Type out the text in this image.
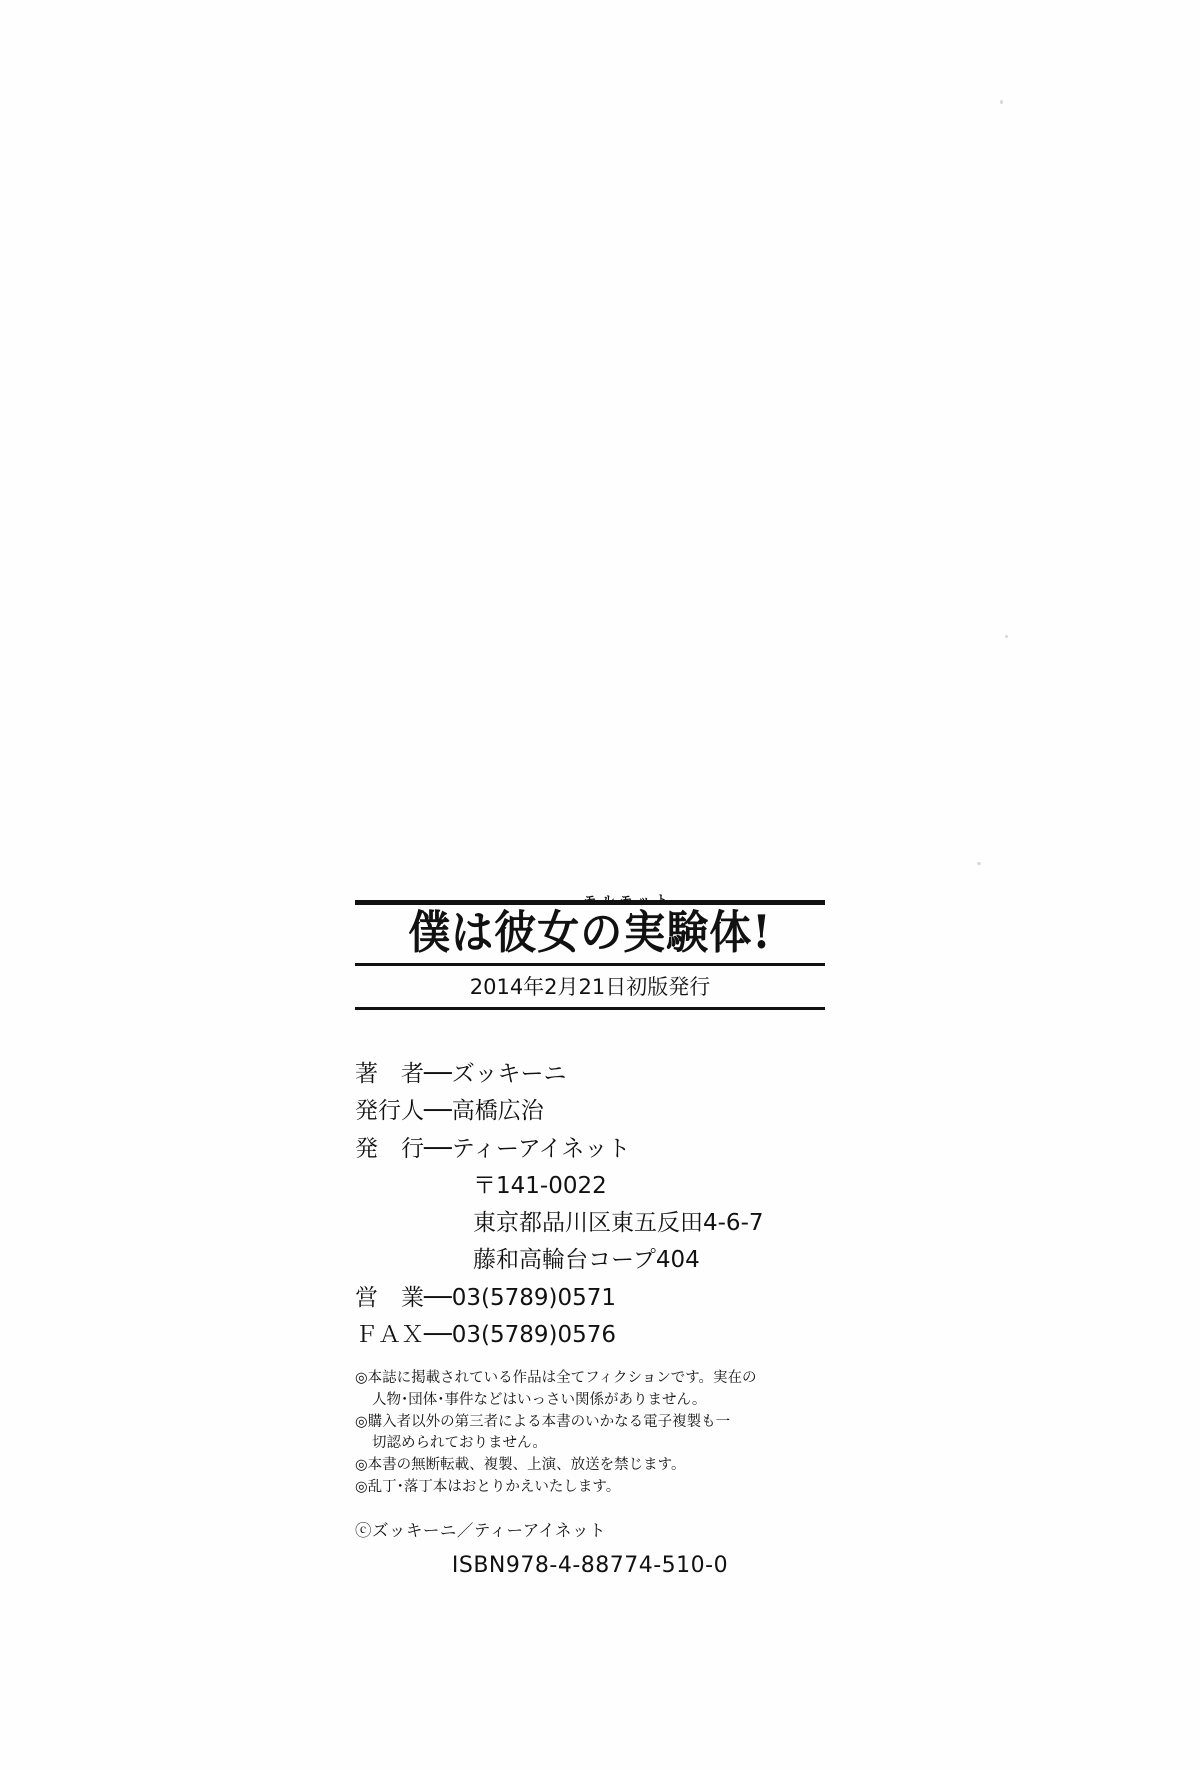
モルモット
僕は彼女の実験体!
2014年2月21日初版発行
著　者──ズッキーニ
発行人──高橋広治
発　行──ティーアイネット
〒141-0022
東京都品川区東五反田4-6-7
藤和高輪台コープ404
営　業──03(5789)0571
ＦＡＸ──03(5789)0576
◎本誌に掲載されている作品は全てフィクションです。実在の
人物･団体･事件などはいっさい関係がありません。
◎購入者以外の第三者による本書のいかなる電子複製も一
切認められておりません。
◎本書の無断転載、複製、上演、放送を禁じます。
◎乱丁･落丁本はおとりかえいたします。
ⓒズッキーニ／ティーアイネット
ISBN978-4-88774-510-0
